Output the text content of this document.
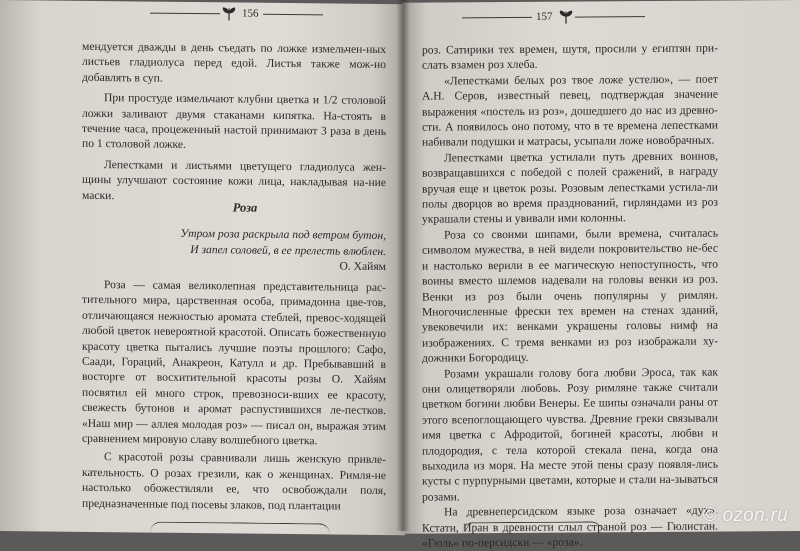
156

мендуется дважды в день съедать по ложке измельчен-ных листьев гладиолуса перед едой. Листья также мож-но добавлять в суп.

При простуде измельчают клубни цветка и 1/2 столовой ложки заливают двумя стаканами кипятка. На-стоять в течение часа, процеженный настой принимают 3 раза в день по 1 столовой ложке.

Лепестками и листьями цветущего гладиолуса жен-щины улучшают состояние кожи лица, накладывая на-ние маски.

Роза

Утром роза раскрыла под ветром бутон,

И запел соловей, в ее прелесть влюблен.

О. Хайям

Роза — самая великолепная представительница рас-тительного мира, царственная особа, примадонна цве-тов, отличающаяся нежностью аромата стеблей, превос-ходящей любой цветок невероятной красотой. Описать божественную красоту цветка пытались лучшие поэты прошлого: Сафо, Саади, Гораций, Анакреон, Катулл и др. Пребывавший в восторге от восхитительной красоты розы О. Хайям посвятил ей много строк, превозноси-вших ее красоту, свежесть бутонов и аромат распустившихся ле-пестков. «Наш мир — аллея молодая роз» — писал он, выражая этим сравнением мировую славу волшебного цветка.

С красотой розы сравнивали лишь женскую привле-кательность. О розах грезили, как о женщинах. Римля-не настолько обожествляли ее, что освобождали поля, предназначенные под посевы злаков, под плантации

157

роз. Сатирики тех времен, шутя, просили у египтян при-слать взамен роз хлеба.

«Лепестками белых роз твое ложе устелю», — поет А.Н. Серов, известный певец, подтверждая значение выражения «постель из роз», дошедшего до нас из древно-сти. А появилось оно потому, что в те времена лепестками набивали подушки и матрасы, усыпали ложе новобрачных.

Лепестками цветка устилали путь древних воинов, возвращавшихся с победой с полей сражений, в награду вручая еще и цветок розы. Розовым лепестками устила-ли полы дворцов во время празднований, гирляндами из роз украшали стены и увивали ими колонны.

Роза со своими шипами, были времена, считалась символом мужества, в ней видели покровительство не-бес и настолько верили в ее магическую непоступность, что воины вместо шлемов надевали на головы венки из роз. Венки из роз были очень популярны у римлян. Многочисленные фрески тех времен на стенах зданий, увековечили их: венками украшены головы нимф на изображениях. С тремя венками из роз изображали ху-дожники Богородицу.

Розами украшали голову бога любви Эроса, так как они олицетворяли любовь. Розу римляне также считали цветком богини любви Венеры. Ее шипы означали раны от этого всепоглощающего чувства. Древние греки связывали имя цветка с Афродитой, богиней красоты, любви и плодородия, с тела которой стекала пена, когда она выходила из моря. На месте этой пены сразу появля-лись кусты с пурпурными цветами, которые и стали на-зываться розами.

На древнеперсидском языке роза означает «дух». Кстати, Иран в древности слыл страной роз — Гюлистан. «Гюль» по-персидски — «роза».

© ozon.ru
